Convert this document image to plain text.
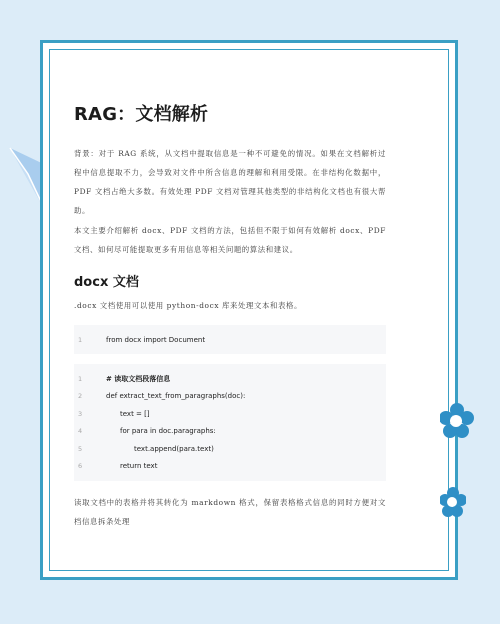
RAG：文档解析

背景：对于 RAG 系统，从文档中提取信息是一种不可避免的情况。如果在文档解析过程中信息提取不力，会导致对文件中所含信息的理解和利用受限。在非结构化数据中，PDF 文档占绝大多数。有效处理 PDF 文档对管理其他类型的非结构化文档也有很大帮助。

本文主要介绍解析 docx、PDF 文档的方法，包括但不限于如何有效解析 docx、PDF 文档、如何尽可能提取更多有用信息等相关问题的算法和建议。

docx 文档

.docx 文档使用可以使用 python-docx 库来处理文本和表格。

1	from docx import Document
1	# 读取文档段落信息
2	def extract_text_from_paragraphs(doc):
3	text = []
4	for para in doc.paragraphs:
5	text.append(para.text)
6	return text

读取文档中的表格并将其转化为 markdown 格式，保留表格格式信息的同时方便对文档信息拆条处理
